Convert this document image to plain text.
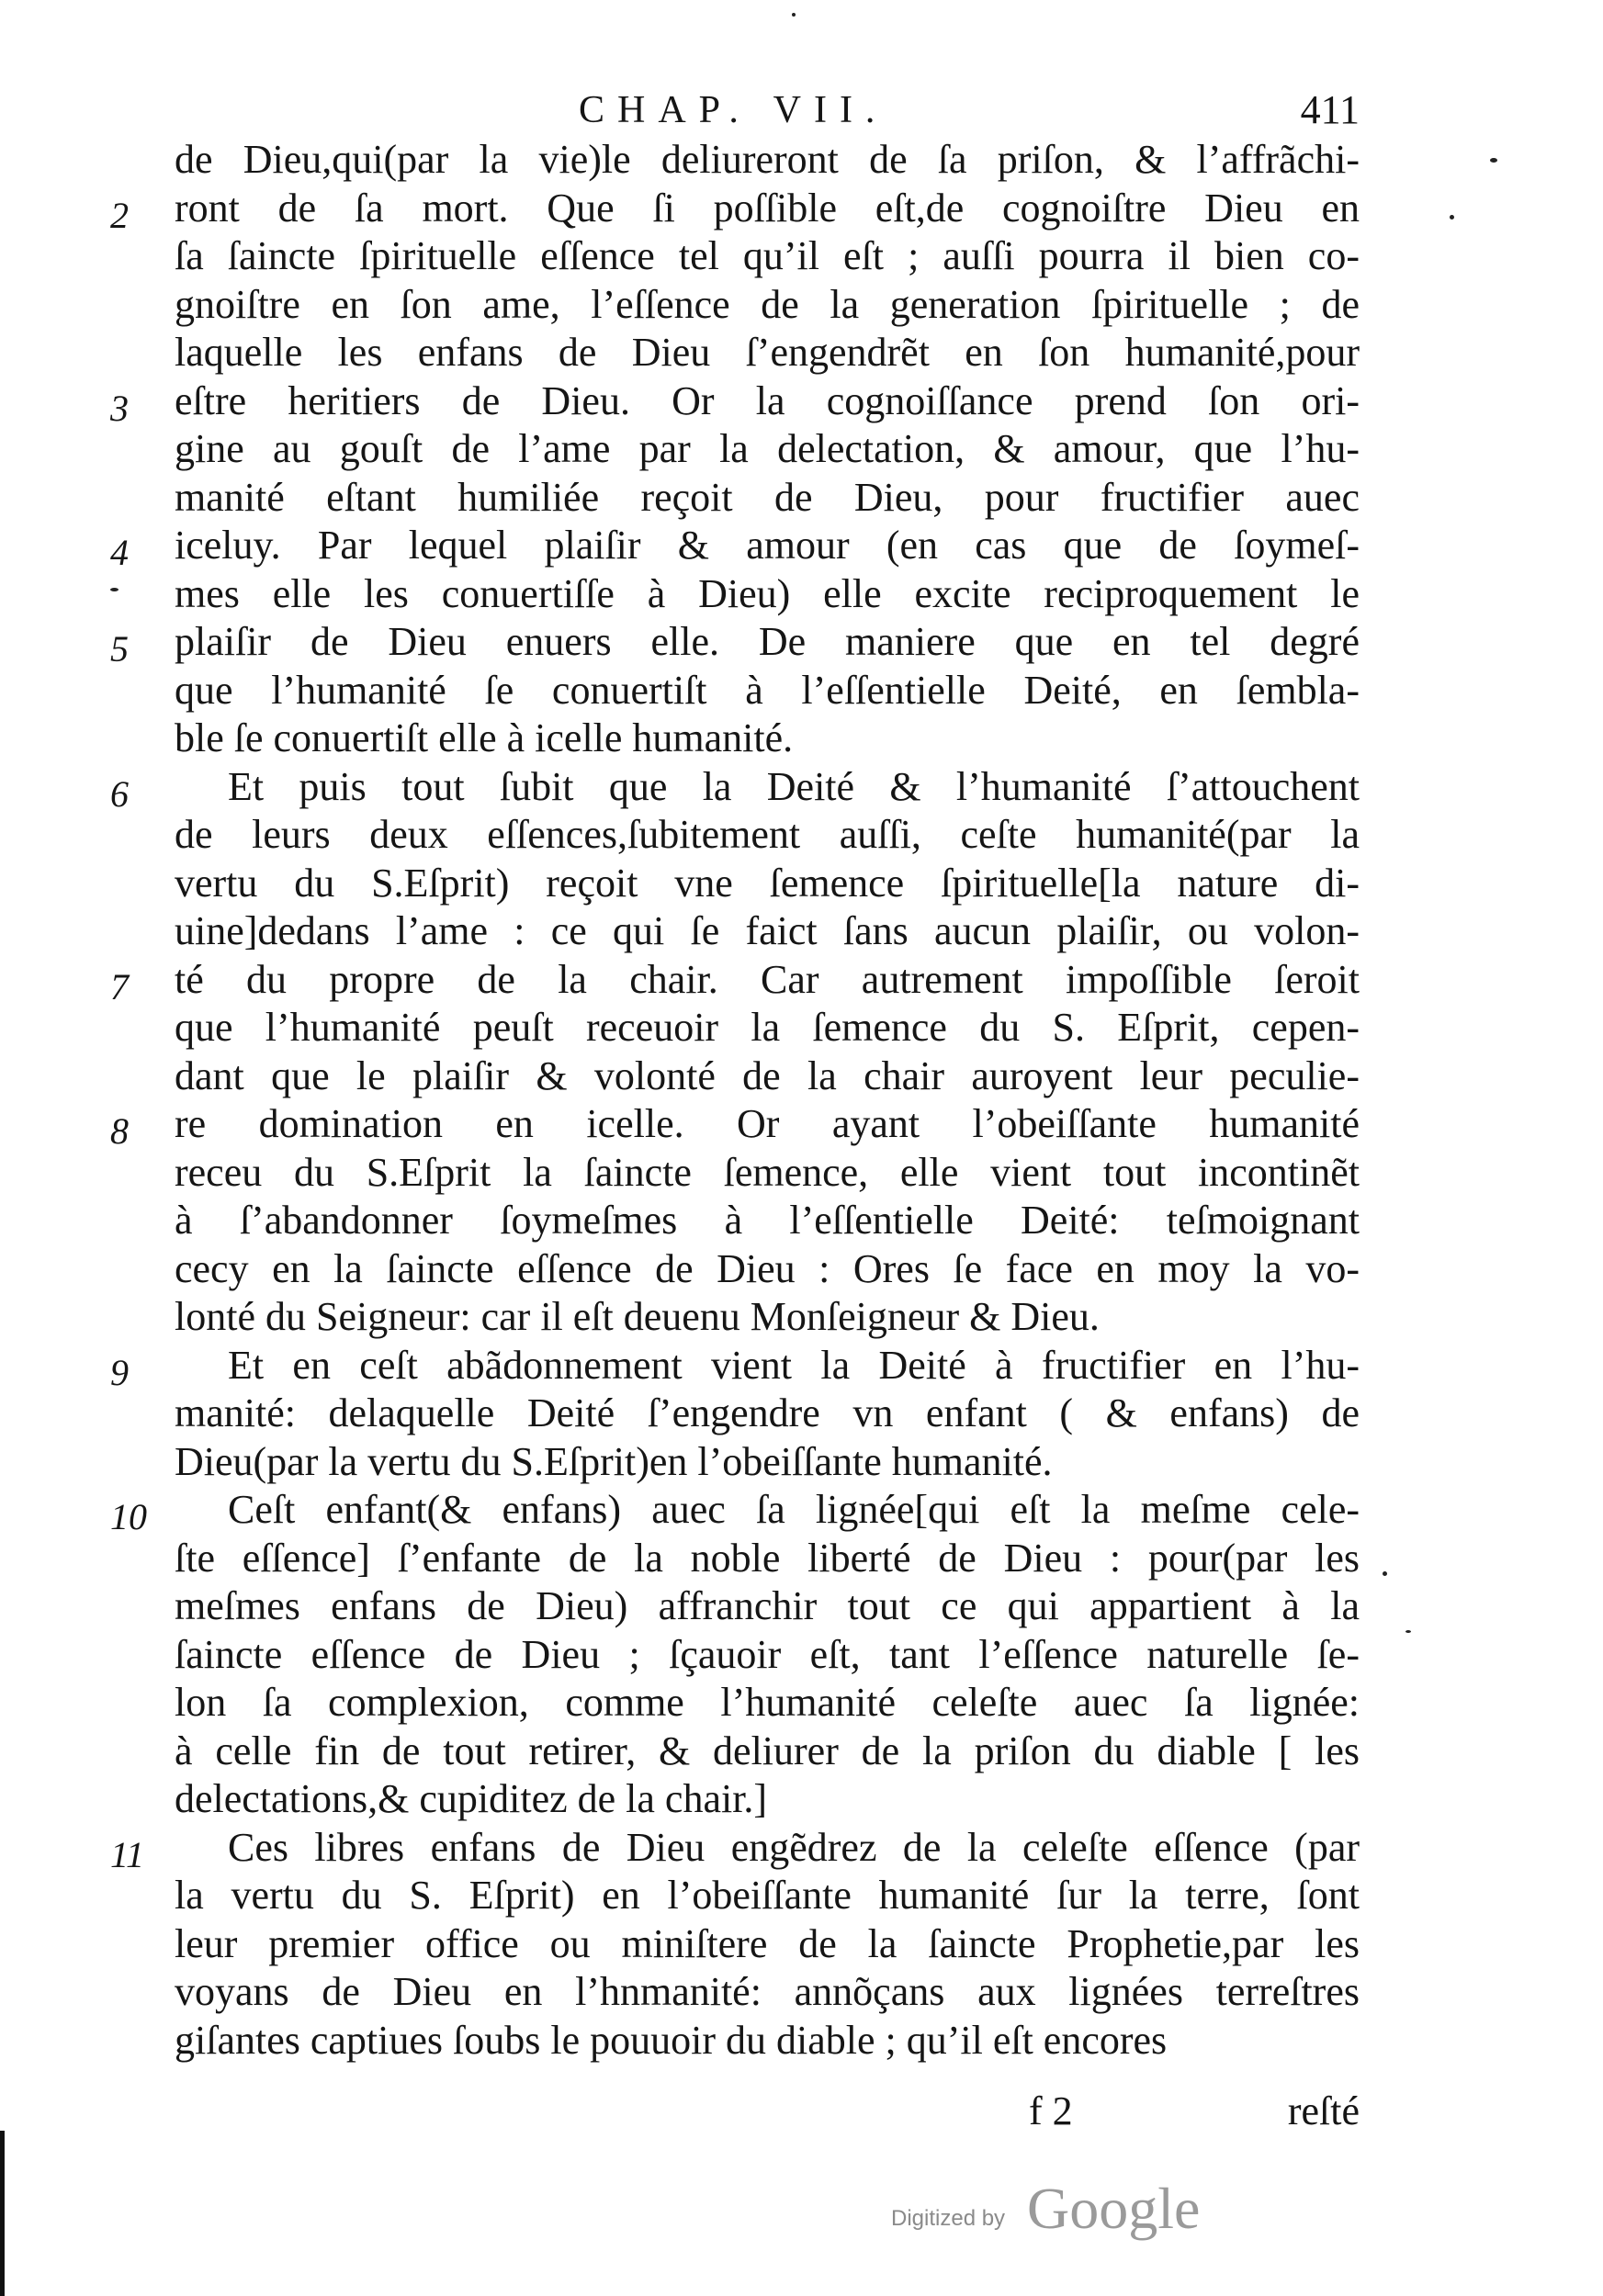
CHAP. VII.	411
de Dieu,qui(par la vie)le deliureront de ſa priſon, & l’affrãchi-
2	ront de ſa mort. Que ſi poſſible eſt,de cognoiſtre Dieu en
ſa ſaincte ſpirituelle eſſence tel qu’il eſt ; auſſi pourra il bien co-
gnoiſtre en ſon ame, l’eſſence de la generation ſpirituelle ; de
laquelle les enfans de Dieu ſ’engendrẽt en ſon humanité,pour
3	eſtre heritiers de Dieu. Or la cognoiſſance prend ſon ori-
gine au gouſt de l’ame par la delectation, & amour, que l’hu-
manité eſtant humiliée reçoit de Dieu, pour fructifier auec
4	iceluy. Par lequel plaiſir & amour (en cas que de ſoymeſ-
mes elle les conuertiſſe à Dieu) elle excite reciproquement le
5	plaiſir de Dieu enuers elle. De maniere que en tel degré
que l’humanité ſe conuertiſt à l’eſſentielle Deité, en ſembla-
ble ſe conuertiſt elle à icelle humanité.
6	Et puis tout ſubit que la Deité & l’humanité ſ’attouchent
de leurs deux eſſences,ſubitement auſſi, ceſte humanité(par la
vertu du S.Eſprit) reçoit vne ſemence ſpirituelle[la nature di-
uine]dedans l’ame : ce qui ſe faict ſans aucun plaiſir, ou volon-
7	té du propre de la chair. Car autrement impoſſible ſeroit
que l’humanité peuſt receuoir la ſemence du S. Eſprit, cepen-
dant que le plaiſir & volonté de la chair auroyent leur peculie-
8	re domination en icelle. Or ayant l’obeiſſante humanité
receu du S.Eſprit la ſaincte ſemence, elle vient tout incontinẽt
à ſ’abandonner ſoymeſmes à l’eſſentielle Deité: teſmoignant
cecy en la ſaincte eſſence de Dieu : Ores ſe face en moy la vo-
lonté du Seigneur: car il eſt deuenu Monſeigneur & Dieu.
9	Et en ceſt abãdonnement vient la Deité à fructifier en l’hu-
manité: delaquelle Deité ſ’engendre vn enfant ( & enfans) de
Dieu(par la vertu du S.Eſprit)en l’obeiſſante humanité.
10 Ceſt enfant(& enfans) auec ſa lignée[qui eſt la meſme cele-
ſte eſſence] ſ’enfante de la noble liberté de Dieu : pour(par les
meſmes enfans de Dieu) affranchir tout ce qui appartient à la
ſaincte eſſence de Dieu ; ſçauoir eſt, tant l’eſſence naturelle ſe-
lon ſa complexion, comme l’humanité celeſte auec ſa lignée:
à celle fin de tout retirer, & deliurer de la priſon du diable [ les
delectations,& cupiditez de la chair.]
11 Ces libres enfans de Dieu engẽdrez de la celeſte eſſence (par
la vertu du S. Eſprit) en l’obeiſſante humanité ſur la terre, ſont
leur premier office ou miniſtere de la ſaincte Prophetie,par les
voyans de Dieu en l’hnmanité: annõçans aux lignées terreſtres
giſantes captiues ſoubs le pouuoir du diable ; qu’il eſt encores
f 2	reſté
Digitized by Google
